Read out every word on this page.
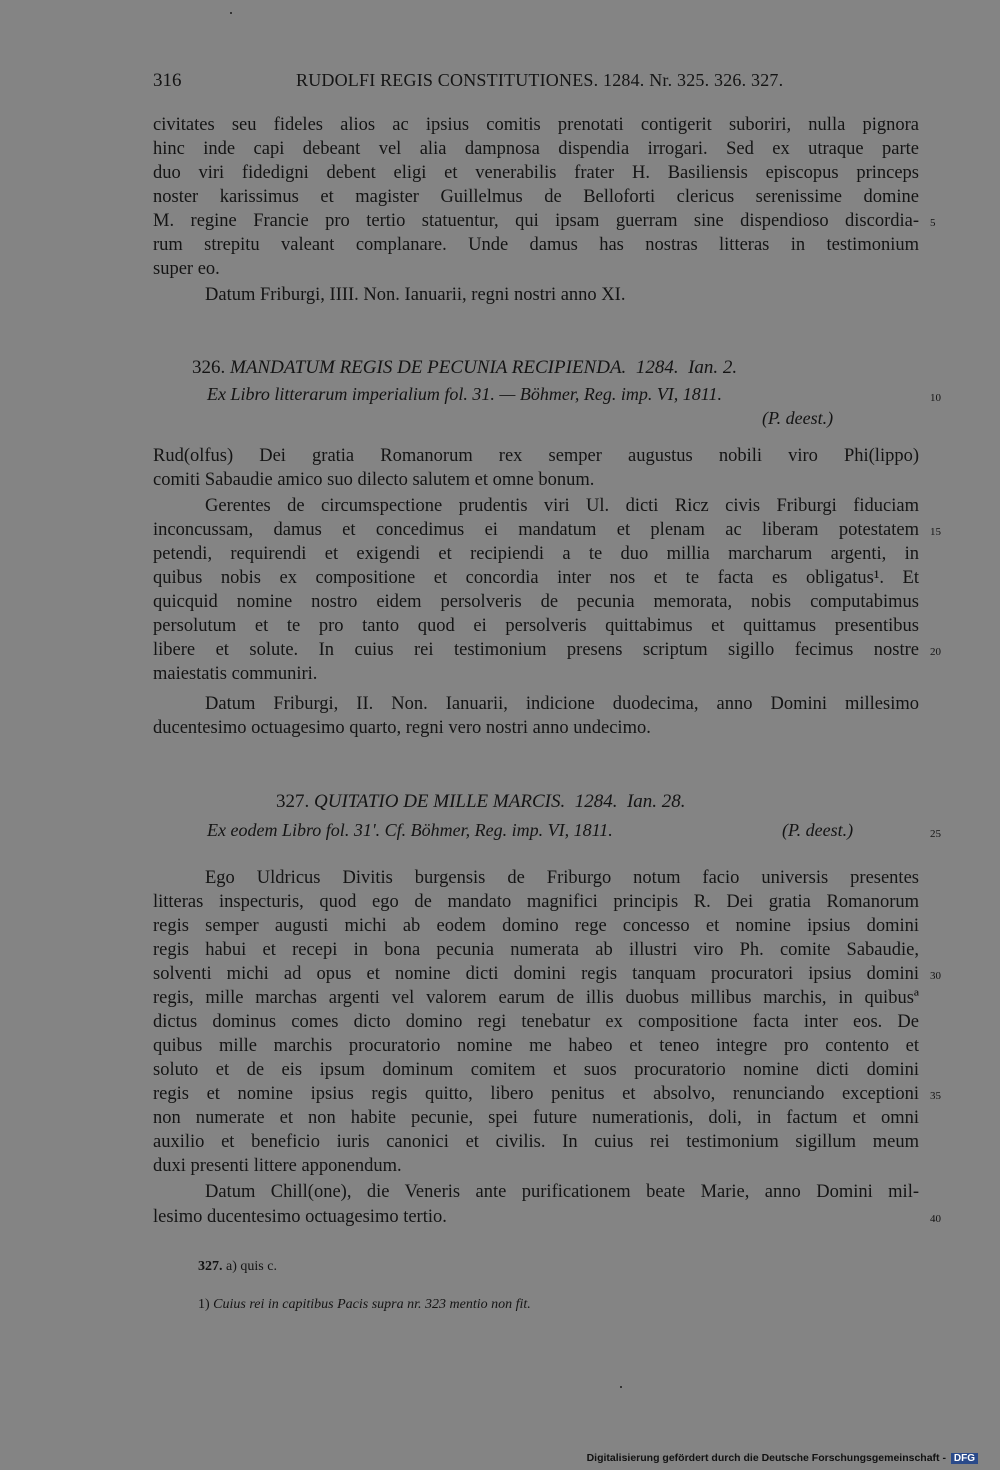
316	RUDOLFI REGIS CONSTITUTIONES. 1284. Nr. 325. 326. 327.
civitates seu fideles alios ac ipsius comitis prenotati contigerit suboriri, nulla pignora
hinc inde capi debeant vel alia dampnosa dispendia irrogari. Sed ex utraque parte
duo viri fidedigni debent eligi et venerabilis frater H. Basiliensis episcopus princeps
noster karissimus et magister Guillelmus de Belloforti clericus serenissime domine
M. regine Francie pro tertio statuentur, qui ipsam guerram sine dispendioso discordia-
rum strepitu valeant complanare. Unde damus has nostras litteras in testimonium
super eo.
Datum Friburgi, IIII. Non. Ianuarii, regni nostri anno XI.
326. MANDATUM REGIS DE PECUNIA RECIPIENDA. 1284. Ian. 2.
Ex Libro litterarum imperialium fol. 31. — Böhmer, Reg. imp. VI, 1811.
(P. deest.)
Rud(olfus) Dei gratia Romanorum rex semper augustus nobili viro Phi(lippo)
comiti Sabaudie amico suo dilecto salutem et omne bonum.
Gerentes de circumspectione prudentis viri Ul. dicti Ricz civis Friburgi fiduciam
inconcussam, damus et concedimus ei mandatum et plenam ac liberam potestatem
petendi, requirendi et exigendi et recipiendi a te duo millia marcharum argenti, in
quibus nobis ex compositione et concordia inter nos et te facta es obligatus¹. Et
quicquid nomine nostro eidem persolveris de pecunia memorata, nobis computabimus
persolutum et te pro tanto quod ei persolveris quittabimus et quittamus presentibus
libere et solute. In cuius rei testimonium presens scriptum sigillo fecimus nostre
maiestatis communiri.
Datum Friburgi, II. Non. Ianuarii, indicione duodecima, anno Domini millesimo
ducentesimo octuagesimo quarto, regni vero nostri anno undecimo.
327. QUITATIO DE MILLE MARCIS. 1284. Ian. 28.
Ex eodem Libro fol. 31'. Cf. Böhmer, Reg. imp. VI, 1811.	(P. deest.)
Ego Uldricus Divitis burgensis de Friburgo notum facio universis presentes
litteras inspecturis, quod ego de mandato magnifici principis R. Dei gratia Romanorum
regis semper augusti michi ab eodem domino rege concesso et nomine ipsius domini
regis habui et recepi in bona pecunia numerata ab illustri viro Ph. comite Sabaudie,
solventi michi ad opus et nomine dicti domini regis tanquam procuratori ipsius domini
regis, mille marchas argenti vel valorem earum de illis duobus millibus marchis, in quibusª
dictus dominus comes dicto domino regi tenebatur ex compositione facta inter eos. De
quibus mille marchis procuratorio nomine me habeo et teneo integre pro contento et
soluto et de eis ipsum dominum comitem et suos procuratorio nomine dicti domini
regis et nomine ipsius regis quitto, libero penitus et absolvo, renunciando exceptioni
non numerate et non habite pecunie, spei future numerationis, doli, in factum et omni
auxilio et beneficio iuris canonici et civilis. In cuius rei testimonium sigillum meum
duxi presenti littere apponendum.
Datum Chill(one), die Veneris ante purificationem beate Marie, anno Domini mil-
lesimo ducentesimo octuagesimo tertio.
5
10
15
20
25
30
35
40
327. a) quis c.
1) Cuius rei in capitibus Pacis supra nr. 323 mentio non fit.
Digitalisierung gefördert durch die Deutsche Forschungsgemeinschaft - DFG
